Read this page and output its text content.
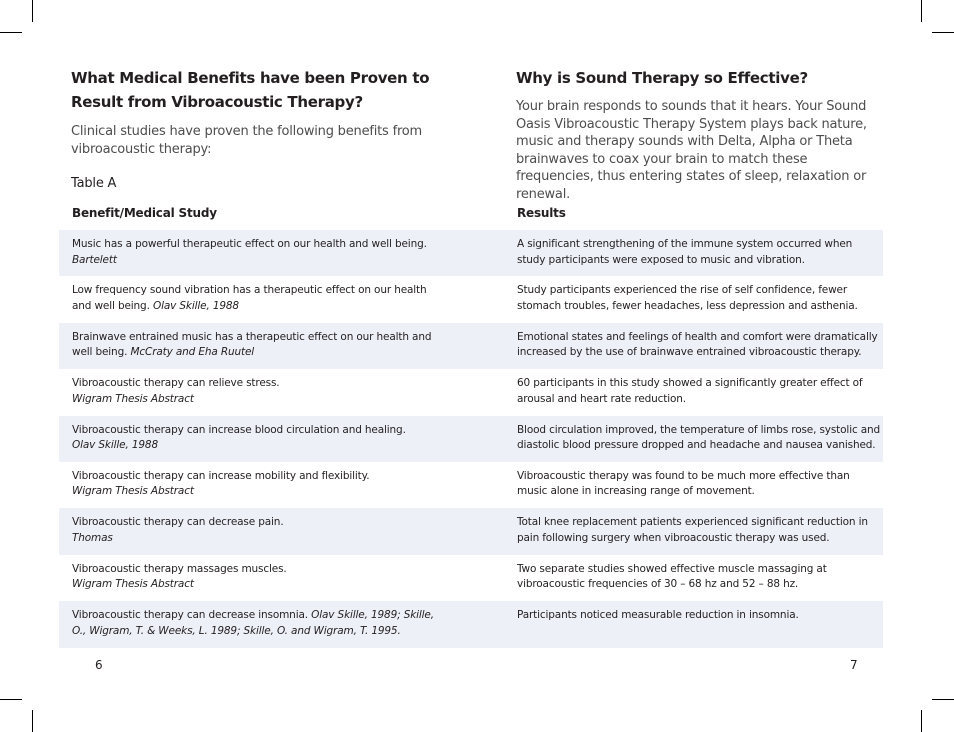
What Medical Benefits have been Proven to Result from Vibroacoustic Therapy?

Clinical studies have proven the following benefits from vibroacoustic therapy:

Why is Sound Therapy so Effective?

Your brain responds to sounds that it hears. Your Sound Oasis Vibroacoustic Therapy System plays back nature, music and therapy sounds with Delta, Alpha or Theta brainwaves to coax your brain to match these frequencies, thus entering states of sleep, relaxation or renewal.

Table A
Benefit/Medical Study	Results
Music has a powerful therapeutic effect on our health and well being.
Bartelett
A significant strengthening of the immune system occurred when study participants were exposed to music and vibration.
Low frequency sound vibration has a therapeutic effect on our health and well being. Olav Skille, 1988
Study participants experienced the rise of self confidence, fewer stomach troubles, fewer headaches, less depression and asthenia.
Brainwave entrained music has a therapeutic effect on our health and well being. McCraty and Eha Ruutel
Emotional states and feelings of health and comfort were dramatically increased by the use of brainwave entrained vibroacoustic therapy.
Vibroacoustic therapy can relieve stress.
Wigram Thesis Abstract
60 participants in this study showed a significantly greater effect of arousal and heart rate reduction.
Vibroacoustic therapy can increase blood circulation and healing.
Olav Skille, 1988
Blood circulation improved, the temperature of limbs rose, systolic and diastolic blood pressure dropped and headache and nausea vanished.
Vibroacoustic therapy can increase mobility and flexibility.
Wigram Thesis Abstract
Vibroacoustic therapy was found to be much more effective than music alone in increasing range of movement.
Vibroacoustic therapy can decrease pain.
Thomas
Total knee replacement patients experienced significant reduction in pain following surgery when vibroacoustic therapy was used.
Vibroacoustic therapy massages muscles.
Wigram Thesis Abstract
Two separate studies showed effective muscle massaging at vibroacoustic frequencies of 30 – 68 hz and 52 – 88 hz.
Vibroacoustic therapy can decrease insomnia. Olav Skille, 1989; Skille, O., Wigram, T. & Weeks, L. 1989; Skille, O. and Wigram, T. 1995.
Participants noticed measurable reduction in insomnia.
6	7
